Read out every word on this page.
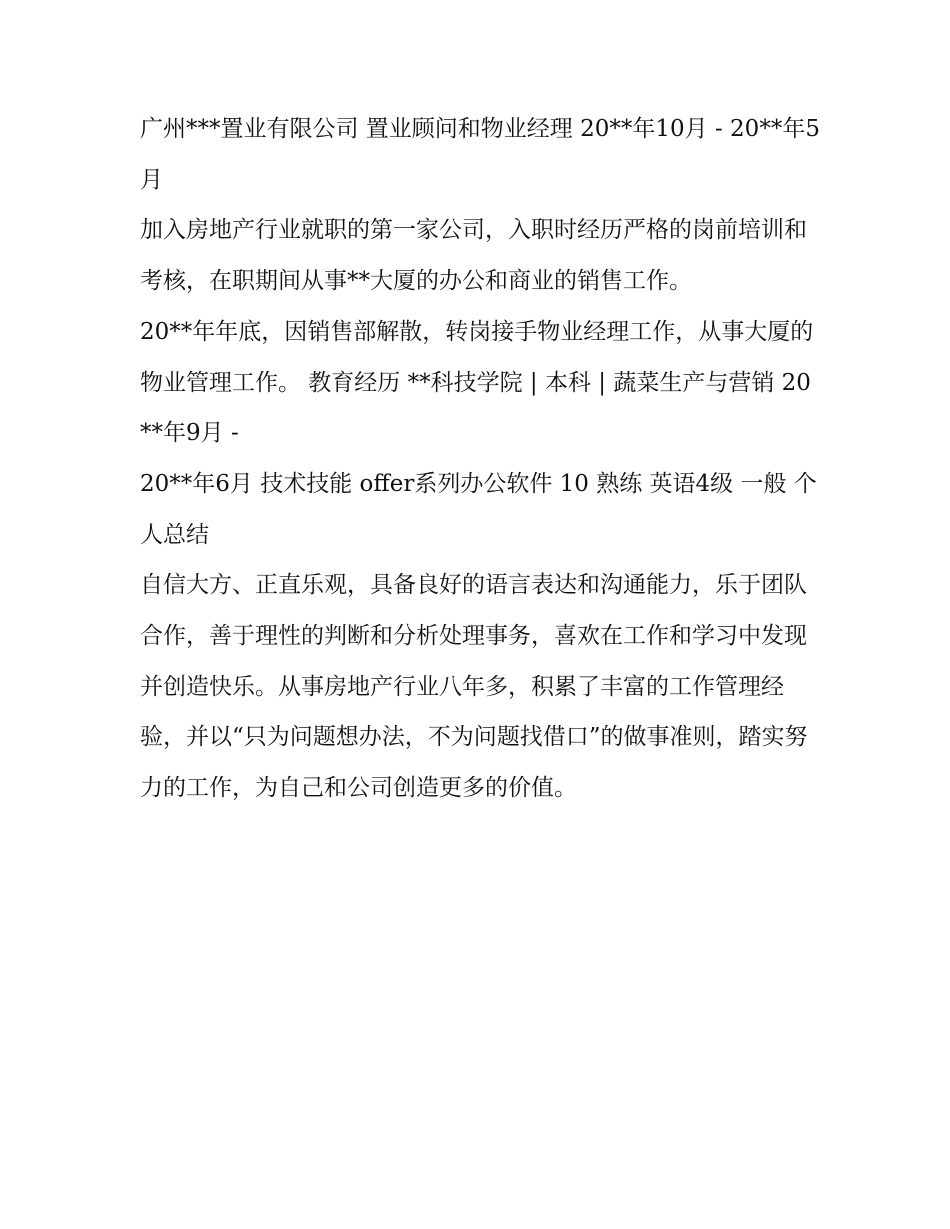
广州***置业有限公司 置业顾问和物业经理 20**年10月 - 20**年5月

加入房地产行业就职的第一家公司，入职时经历严格的岗前培训和考核，在职期间从事**大厦的办公和商业的销售工作。

20**年年底，因销售部解散，转岗接手物业经理工作，从事大厦的物业管理工作。 教育经历 **科技学院 | 本科 | 蔬菜生产与营销 20**年9月 -

20**年6月 技术技能 offer系列办公软件 10 熟练 英语4级 一般 个人总结

自信大方、正直乐观，具备良好的语言表达和沟通能力，乐于团队合作，善于理性的判断和分析处理事务，喜欢在工作和学习中发现并创造快乐。从事房地产行业八年多，积累了丰富的工作管理经验，并以“只为问题想办法，不为问题找借口”的做事准则，踏实努力的工作，为自己和公司创造更多的价值。
